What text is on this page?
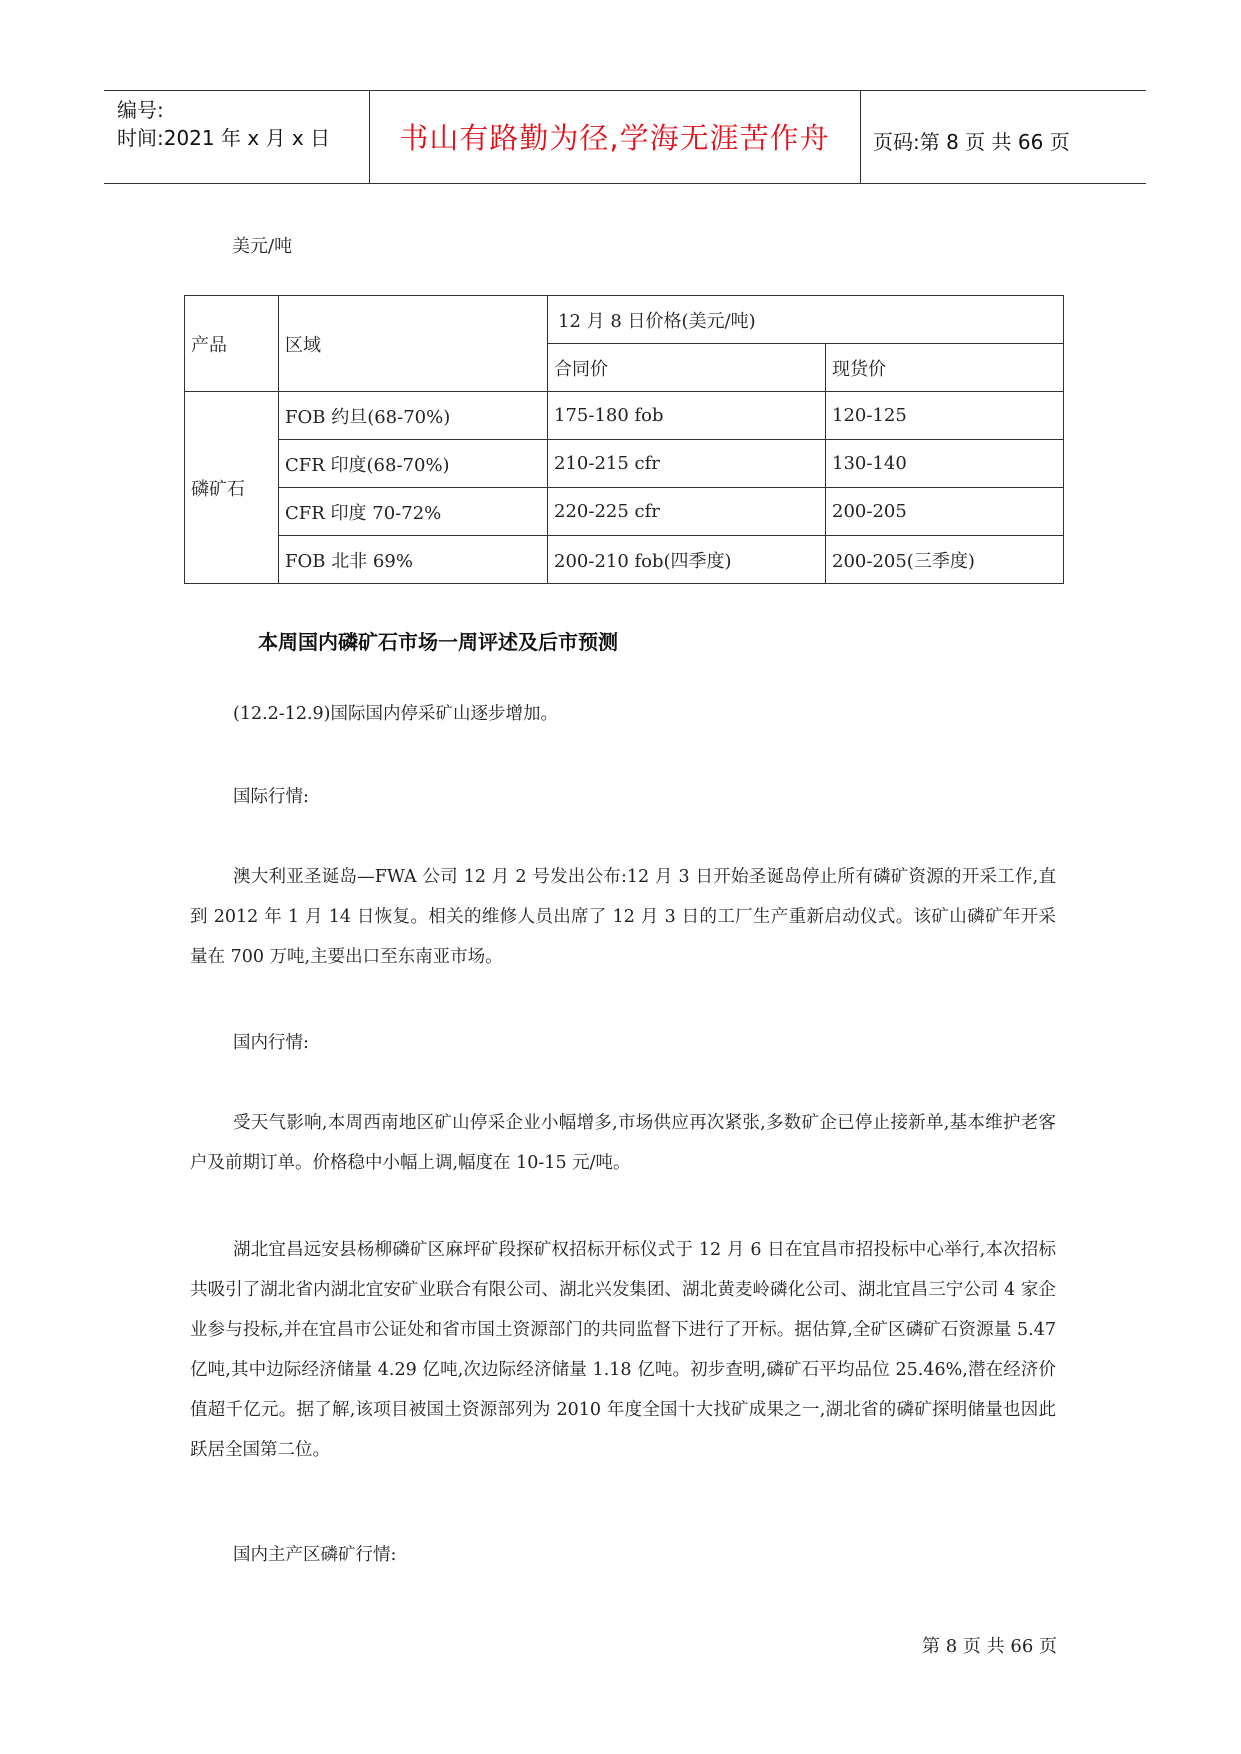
编号:
时间:2021 年 x 月 x 日	书山有路勤为径,学海无涯苦作舟	页码:第 8 页 共 66 页
美元/吨
产品	区域	12 月 8 日价格(美元/吨)	
		合同价	现货价
磷矿石	FOB 约旦(68-70%)	175-180 fob	120-125
	CFR 印度(68-70%)	210-215 cfr	130-140
	CFR 印度 70-72%	220-225 cfr	200-205
	FOB 北非 69%	200-210 fob(四季度)	200-205(三季度)
本周国内磷矿石市场一周评述及后市预测
(12.2-12.9)国际国内停采矿山逐步增加。
国际行情:
澳大利亚圣诞岛—FWA 公司 12 月 2 号发出公布:12 月 3 日开始圣诞岛停止所有磷矿资源的开采工作,直到 2012 年 1 月 14 日恢复。相关的维修人员出席了 12 月 3 日的工厂生产重新启动仪式。该矿山磷矿年开采量在 700 万吨,主要出口至东南亚市场。
国内行情:
受天气影响,本周西南地区矿山停采企业小幅增多,市场供应再次紧张,多数矿企已停止接新单,基本维护老客户及前期订单。价格稳中小幅上调,幅度在 10-15 元/吨。
湖北宜昌远安县杨柳磷矿区麻坪矿段探矿权招标开标仪式于 12 月 6 日在宜昌市招投标中心举行,本次招标共吸引了湖北省内湖北宜安矿业联合有限公司、湖北兴发集团、湖北黄麦岭磷化公司、湖北宜昌三宁公司 4 家企业参与投标,并在宜昌市公证处和省市国土资源部门的共同监督下进行了开标。据估算,全矿区磷矿石资源量 5.47 亿吨,其中边际经济储量 4.29 亿吨,次边际经济储量 1.18 亿吨。初步查明,磷矿石平均品位 25.46%,潜在经济价值超千亿元。据了解,该项目被国土资源部列为 2010 年度全国十大找矿成果之一,湖北省的磷矿探明储量也因此跃居全国第二位。
国内主产区磷矿行情:
第 8 页 共 66 页
